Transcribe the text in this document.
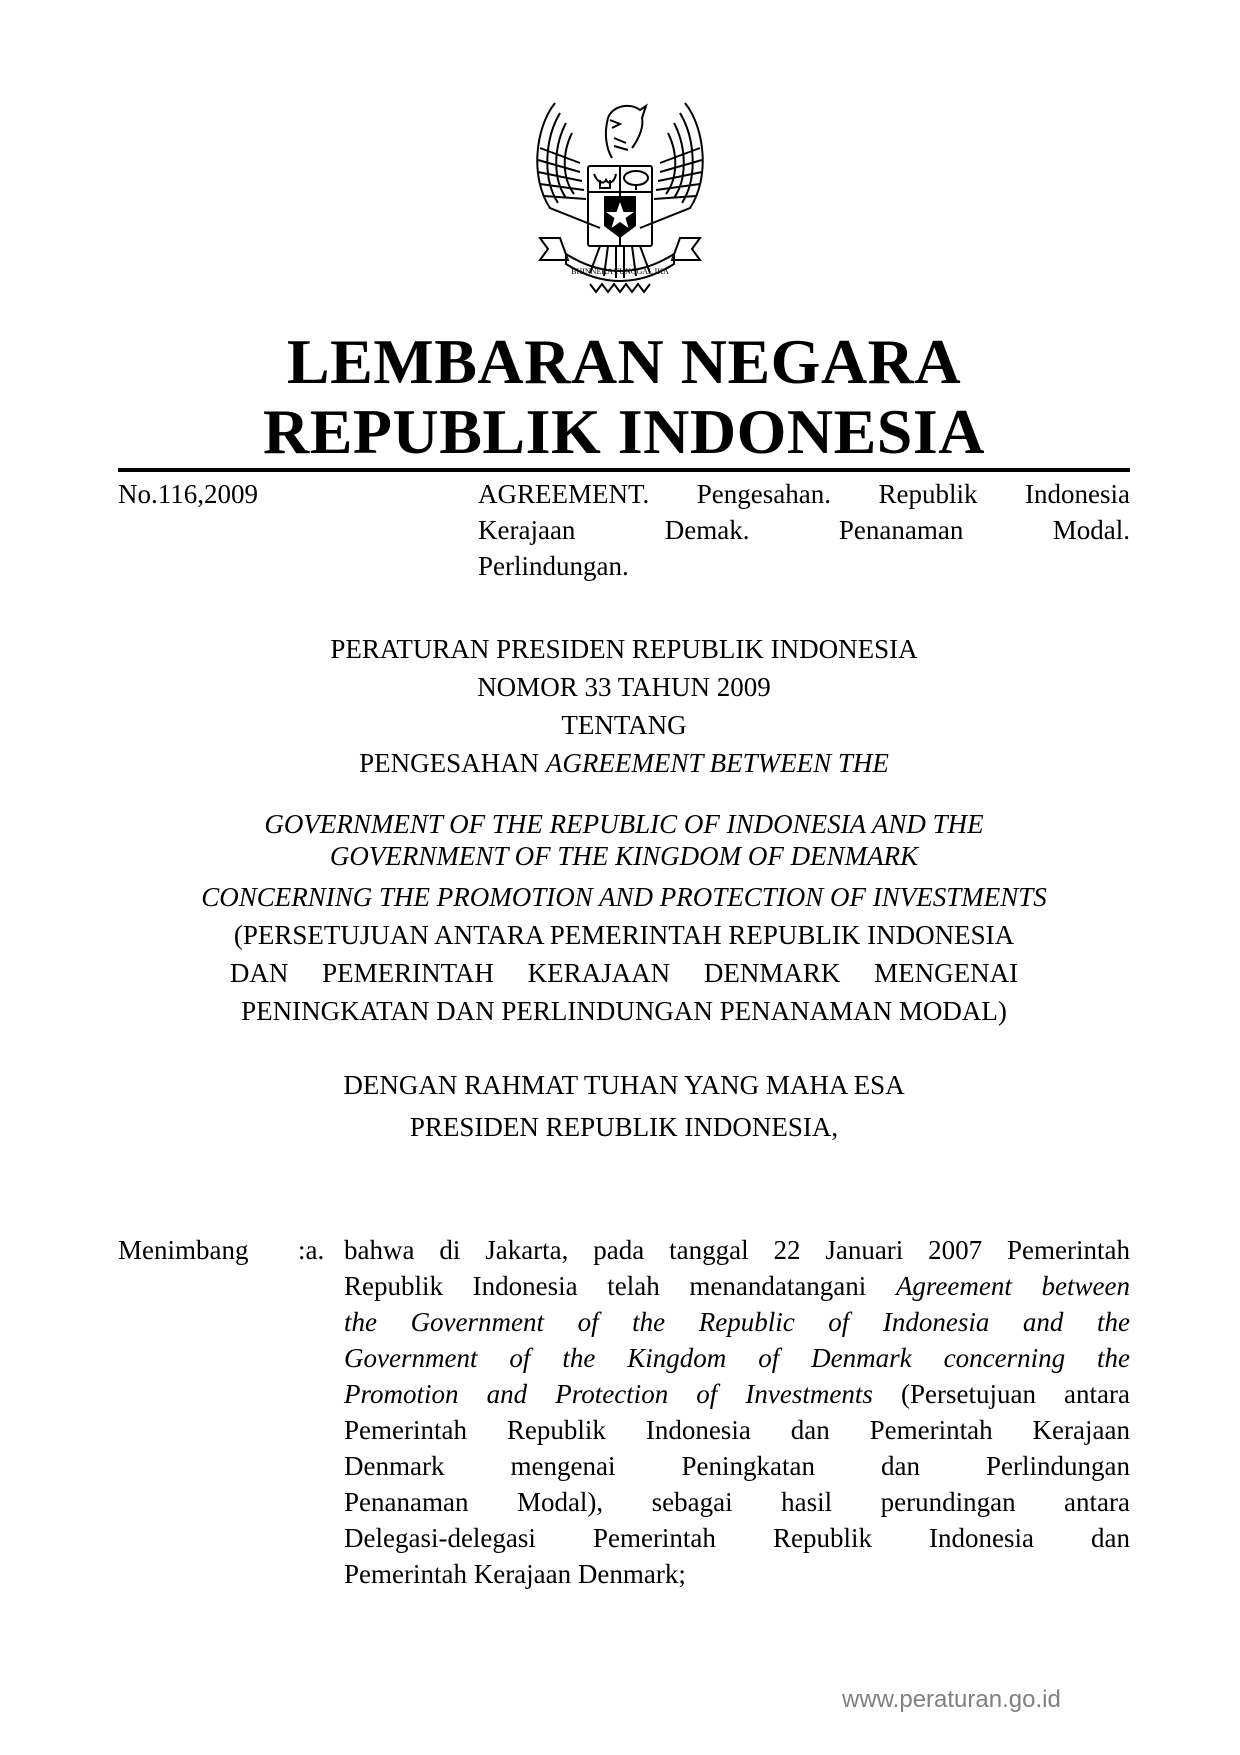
BHINNEKA TUNGGAL IKA
LEMBARAN NEGARA
REPUBLIK INDONESIA
No.116,2009	AGREEMENT. Pengesahan. Republik Indonesia
Kerajaan Demak. Penanaman Modal.
Perlindungan.
PERATURAN PRESIDEN REPUBLIK INDONESIA
NOMOR 33 TAHUN 2009
TENTANG
PENGESAHAN AGREEMENT BETWEEN THE
GOVERNMENT OF THE REPUBLIC OF INDONESIA AND THE
GOVERNMENT OF THE KINGDOM OF DENMARK
CONCERNING THE PROMOTION AND PROTECTION OF INVESTMENTS
(PERSETUJUAN ANTARA PEMERINTAH REPUBLIK INDONESIA
DAN     PEMERINTAH     KERAJAAN     DENMARK     MENGENAI
PENINGKATAN DAN PERLINDUNGAN PENANAMAN MODAL)
DENGAN RAHMAT TUHAN YANG MAHA ESA
PRESIDEN REPUBLIK INDONESIA,
Menimbang :a. bahwa di Jakarta, pada tanggal 22 Januari 2007 Pemerintah
Republik Indonesia telah menandatangani Agreement between
the Government of the Republic of Indonesia and the
Government of the Kingdom of Denmark concerning the
Promotion and Protection of Investments (Persetujuan antara
Pemerintah Republik Indonesia dan Pemerintah Kerajaan
Denmark mengenai Peningkatan dan Perlindungan
Penanaman Modal), sebagai hasil perundingan antara
Delegasi-delegasi Pemerintah Republik Indonesia dan
Pemerintah Kerajaan Denmark;
www.peraturan.go.id
